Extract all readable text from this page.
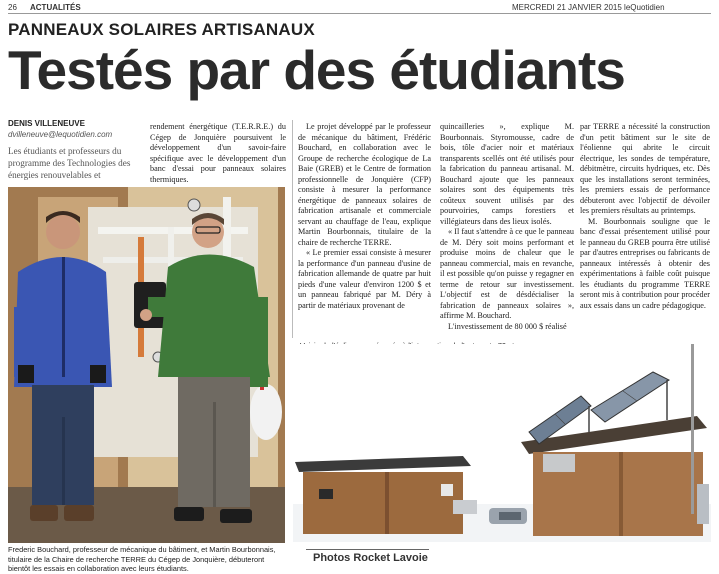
26 ACTUALITÉS	MERCREDI 21 JANVIER 2015 leQuotidien
PANNEAUX SOLAIRES ARTISANAUX
Testés par des étudiants
DENIS VILLENEUVE
dvilleneuve@lequotidien.com
Les étudiants et professeurs du programme des Technologies des énergies renouvelables et

rendement énergétique (T.E.R.R.E.) du Cégep de Jonquière poursuivent le développement d'un savoir-faire spécifique avec le développement d'un banc d'essai pour panneaux solaires thermiques.

Le projet développé par le professeur de mécanique du bâtiment, Frédéric Bouchard, en collaboration avec le Groupe de recherche écologique de La Baie (GREB) et le Centre de formation professionnelle de Jonquière (CFP) consiste à mesurer la performance énergétique de panneaux solaires de fabrication artisanale et commerciale servant au chauffage de l'eau, explique Martin Bourbonnais, titulaire de la chaire de recherche TERRE.

« Le premier essai consiste à mesurer la performance d'un panneau d'usine de fabrication allemande de quatre par huit pieds d'une valeur d'environ 1200 $ et un panneau fabriqué par M. Déry à partir de matériaux provenant de

quincailleries », explique M. Bourbonnais. Styromousse, cadre de bois, tôle d'acier noir et matériaux transparents scellés ont été utilisés pour la fabrication du panneau artisanal. M. Bouchard ajoute que les panneaux solaires sont des équipements très coûteux souvent utilisés par des pourvoiries, camps forestiers et villégiateurs dans des lieux isolés.

« Il faut s'attendre à ce que le panneau de M. Déry soit moins performant et produise moins de chaleur que le panneau commercial, mais en revanche, il est possible qu'on puisse y regagner en terme de retour sur investissement. L'objectif est de désdécialiser la fabrication de panneaux solaires », affirme M. Bouchard.

L'investissement de 80 000 $ réalisé

par TERRE a nécessité la construction d'un petit bâtiment sur le site de l'éolienne qui abrite le circuit électrique, les sondes de température, débitmètre, circuits hydriques, etc. Dès que les installations seront terminées, les premiers essais de performance débuteront avec l'objectif de dévoiler les premiers résultats au printemps.

M. Bourbonnais souligne que le banc d'essai présentement utilisé pour le panneau du GREB pourra être utilisé par d'autres entreprises ou fabricants de panneaux intéressés à obtenir des expérimentations à faible coût puisque les étudiants du programme TERRE seront mis à contribution pour procéder aux essais dans un cadre pédagogique.

Frederic Bouchard, professeur de mécanique du bâtiment, et Martin Bourbonnais, titulaire de la Chaire de recherche TERRE du Cégep de Jonquière, débuteront bientôt les essais en collaboration avec leurs étudiants.
Photos Rocket Lavoie
